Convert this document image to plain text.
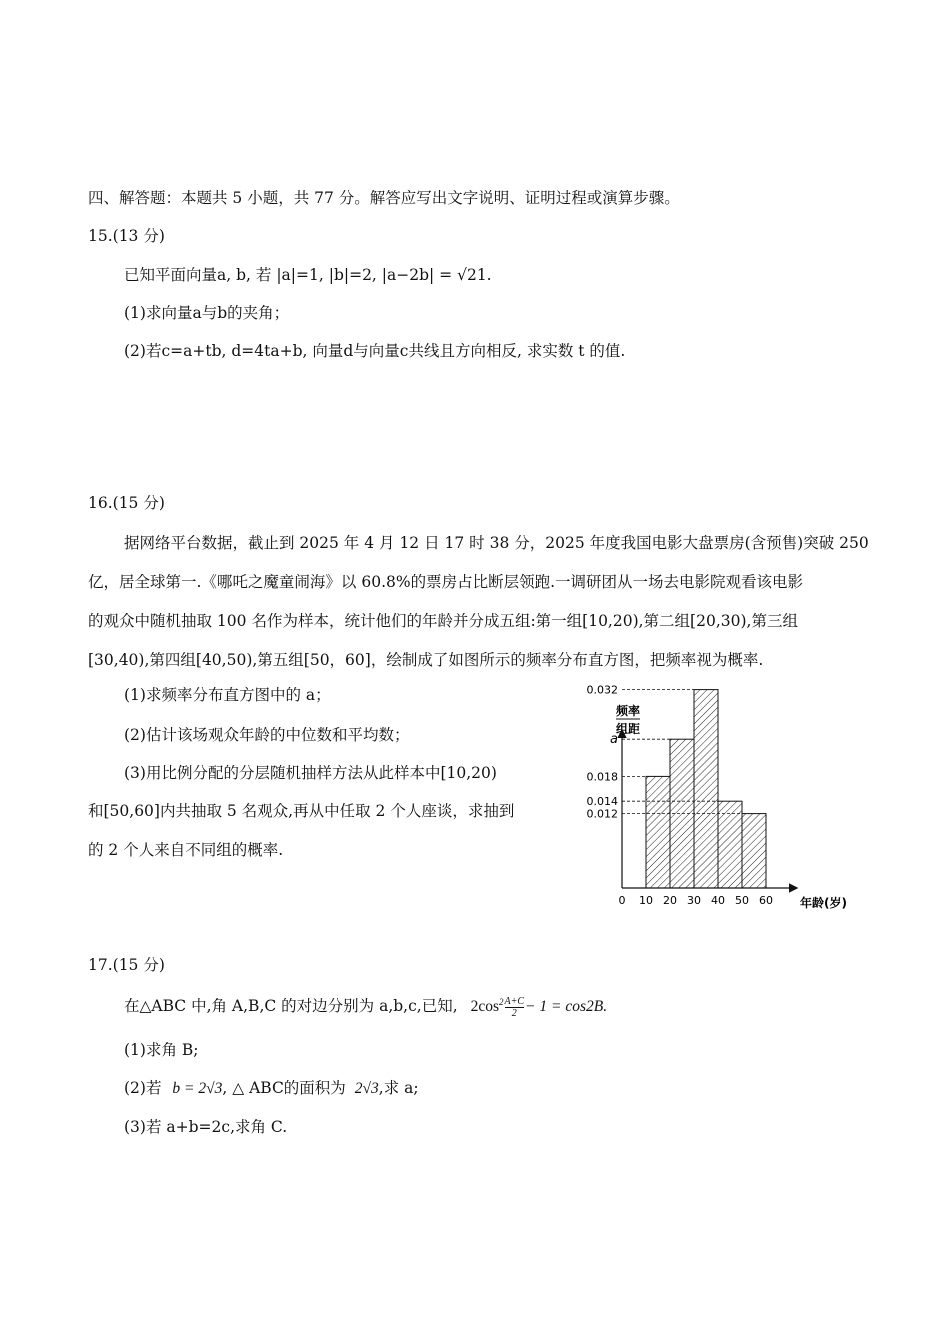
四、解答题：本题共 5 小题，共 77 分。解答应写出文字说明、证明过程或演算步骤。
15.(13 分)
已知平面向量a, b, 若 |a|=1, |b|=2, |a−2b| = √21.
(1)求向量a与b的夹角；
(2)若c=a+tb, d=4ta+b, 向量d与向量c共线且方向相反, 求实数 t 的值.
16.(15 分)
据网络平台数据，截止到 2025 年 4 月 12 日 17 时 38 分，2025 年度我国电影大盘票房(含预售)突破 250
亿，居全球第一.《哪吒之魔童闹海》以 60.8%的票房占比断层领跑.一调研团从一场去电影院观看该电影
的观众中随机抽取 100 名作为样本，统计他们的年龄并分成五组:第一组[10,20),第二组[20,30),第三组
[30,40),第四组[40,50),第五组[50，60]，绘制成了如图所示的频率分布直方图，把频率视为概率.
(1)求频率分布直方图中的 a；
(2)估计该场观众年龄的中位数和平均数；
(3)用比例分配的分层随机抽样方法从此样本中[10,20)
和[50,60]内共抽取 5 名观众,再从中任取 2 个人座谈，求抽到
的 2 个人来自不同组的概率.
频率
组距
0.032
a
0.018
0.014
0.012
0 10 20 30 40 50 60 年龄(岁)
17.(15 分)
在△ABC 中,角 A,B,C 的对边分别为 a,b,c,已知, $2\cos^2 \frac{A+C}{2} - 1 = \cos 2B$.
(1)求角 B;
(2)若 b = 2√3, △ ABC的面积为 2√3,求 a;
(3)若 a+b=2c,求角 C.
